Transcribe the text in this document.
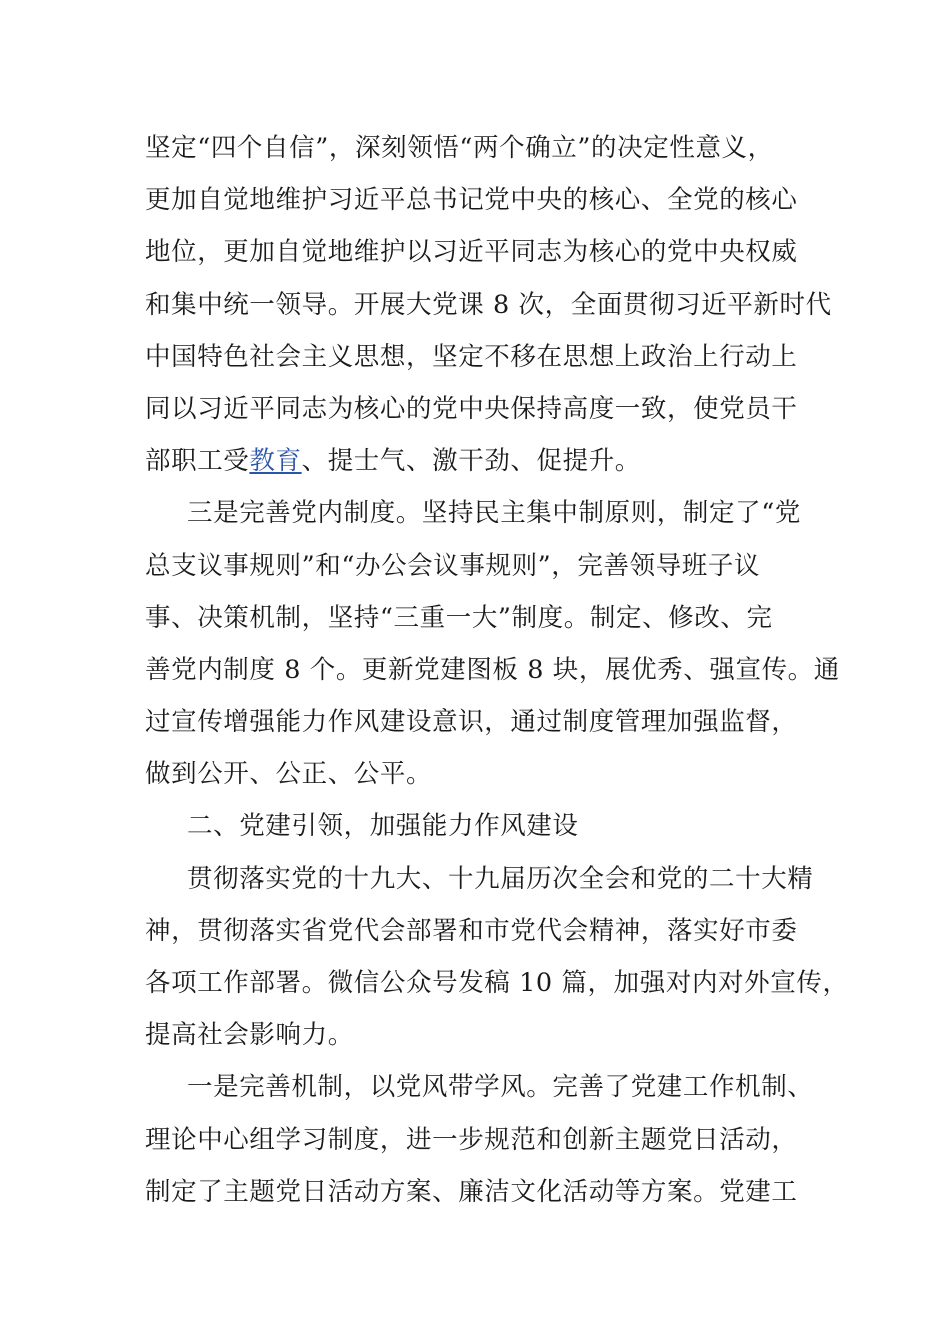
坚定“四个自信”，深刻领悟“两个确立”的决定性意义，
更加自觉地维护习近平总书记党中央的核心、全党的核心
地位，更加自觉地维护以习近平同志为核心的党中央权威
和集中统一领导。开展大党课 8 次，全面贯彻习近平新时代
中国特色社会主义思想，坚定不移在思想上政治上行动上
同以习近平同志为核心的党中央保持高度一致，使党员干
部职工受教育、提士气、激干劲、促提升。
三是完善党内制度。坚持民主集中制原则，制定了“党
总支议事规则”和“办公会议事规则”，完善领导班子议
事、决策机制，坚持“三重一大”制度。制定、修改、完
善党内制度 8 个。更新党建图板 8 块，展优秀、强宣传。通
过宣传增强能力作风建设意识，通过制度管理加强监督，
做到公开、公正、公平。
二、党建引领，加强能力作风建设
贯彻落实党的十九大、十九届历次全会和党的二十大精
神，贯彻落实省党代会部署和市党代会精神，落实好市委
各项工作部署。微信公众号发稿 10 篇，加强对内对外宣传，
提高社会影响力。
一是完善机制，以党风带学风。完善了党建工作机制、
理论中心组学习制度，进一步规范和创新主题党日活动，
制定了主题党日活动方案、廉洁文化活动等方案。党建工
